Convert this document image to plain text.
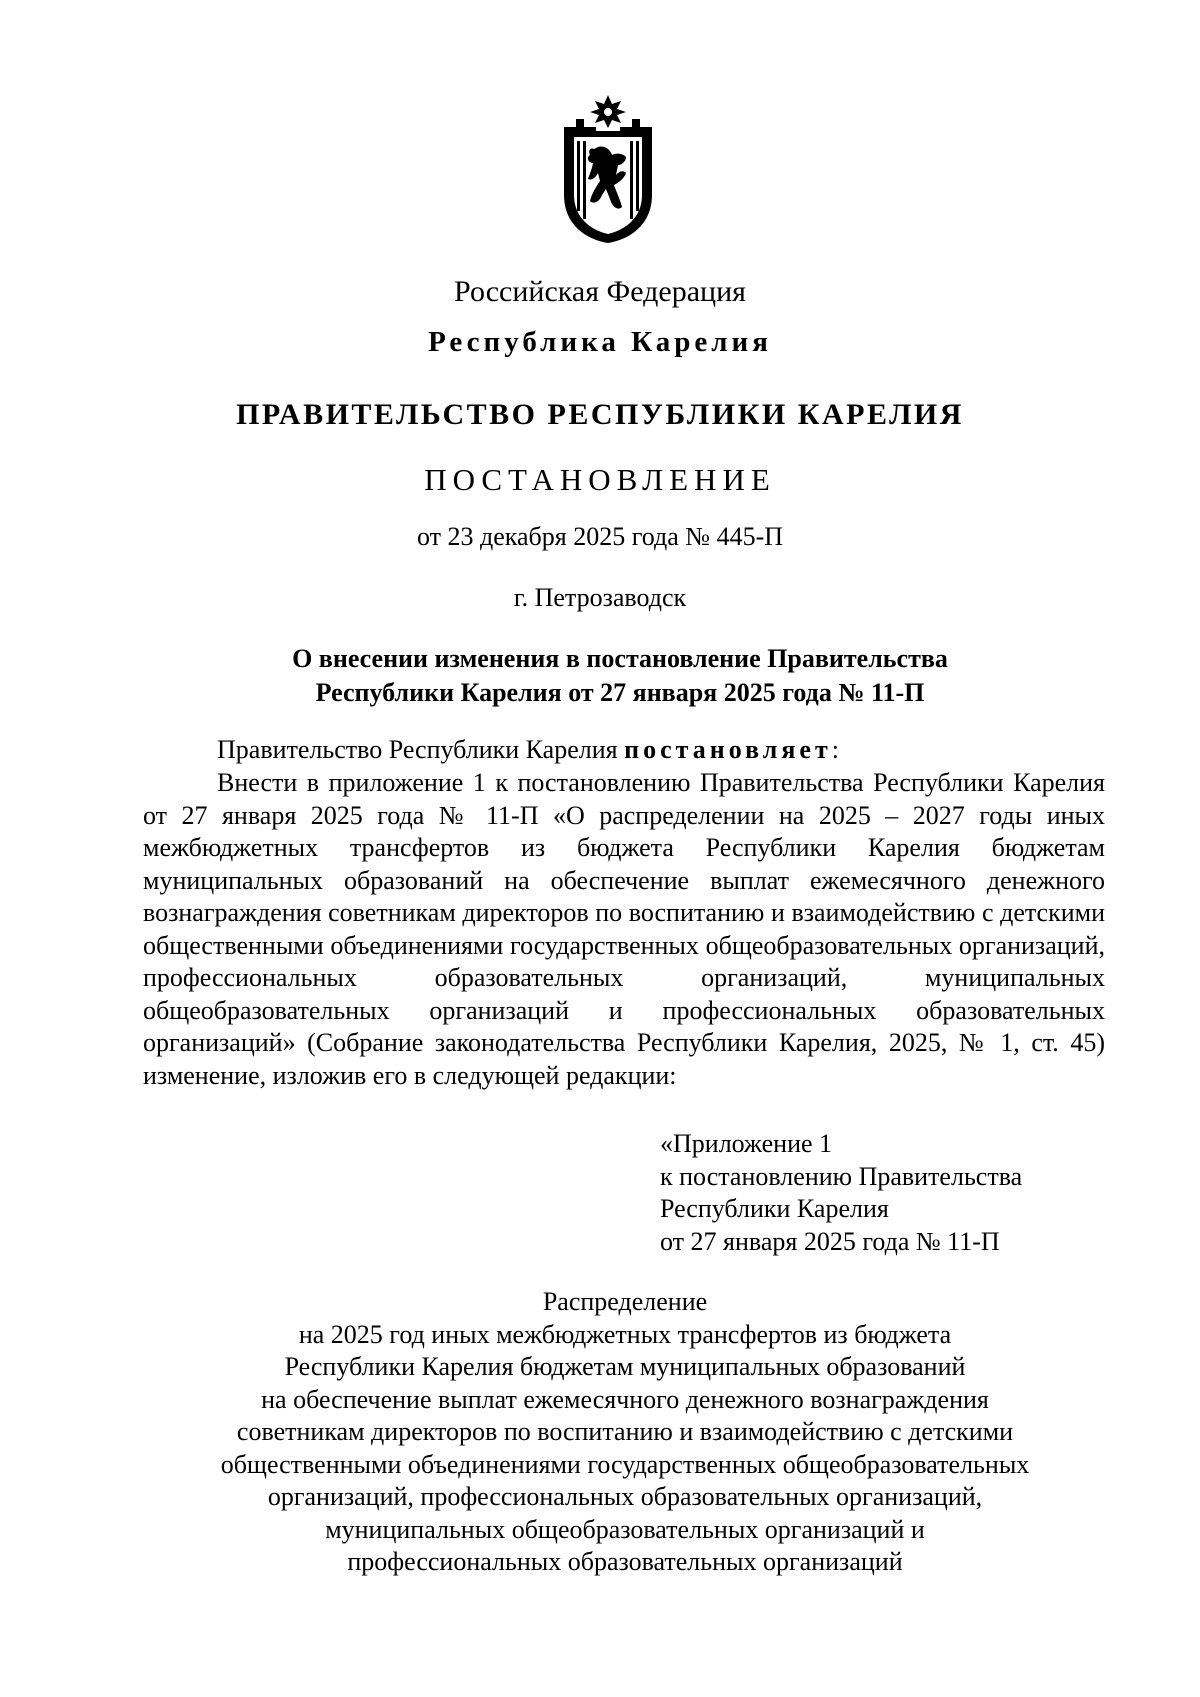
Российская Федерация
Республика Карелия
ПРАВИТЕЛЬСТВО РЕСПУБЛИКИ КАРЕЛИЯ
ПОСТАНОВЛЕНИЕ
от 23 декабря 2025 года № 445-П
г. Петрозаводск
О внесении изменения в постановление Правительства
Республики Карелия от 27 января 2025 года № 11-П
Правительство Республики Карелия постановляет:
Внести в приложение 1 к постановлению Правительства Республики Карелия от 27 января 2025 года № 11-П «О распределении на 2025 – 2027 годы иных межбюджетных трансфертов из бюджета Республики Карелия бюджетам муниципальных образований на обеспечение выплат ежемесячного денежного вознаграждения советникам директоров по воспитанию и взаимодействию с детскими общественными объединениями государственных общеобразовательных организаций, профессиональных образовательных организаций, муниципальных общеобразовательных организаций и профессиональных образовательных организаций» (Собрание законодательства Республики Карелия, 2025, № 1, ст. 45) изменение, изложив его в следующей редакции:
«Приложение 1
к постановлению Правительства
Республики Карелия
от 27 января 2025 года № 11-П
Распределение
на 2025 год иных межбюджетных трансфертов из бюджета
Республики Карелия бюджетам муниципальных образований
на обеспечение выплат ежемесячного денежного вознаграждения
советникам директоров по воспитанию и взаимодействию с детскими
общественными объединениями государственных общеобразовательных
организаций, профессиональных образовательных организаций,
муниципальных общеобразовательных организаций и
профессиональных образовательных организаций
